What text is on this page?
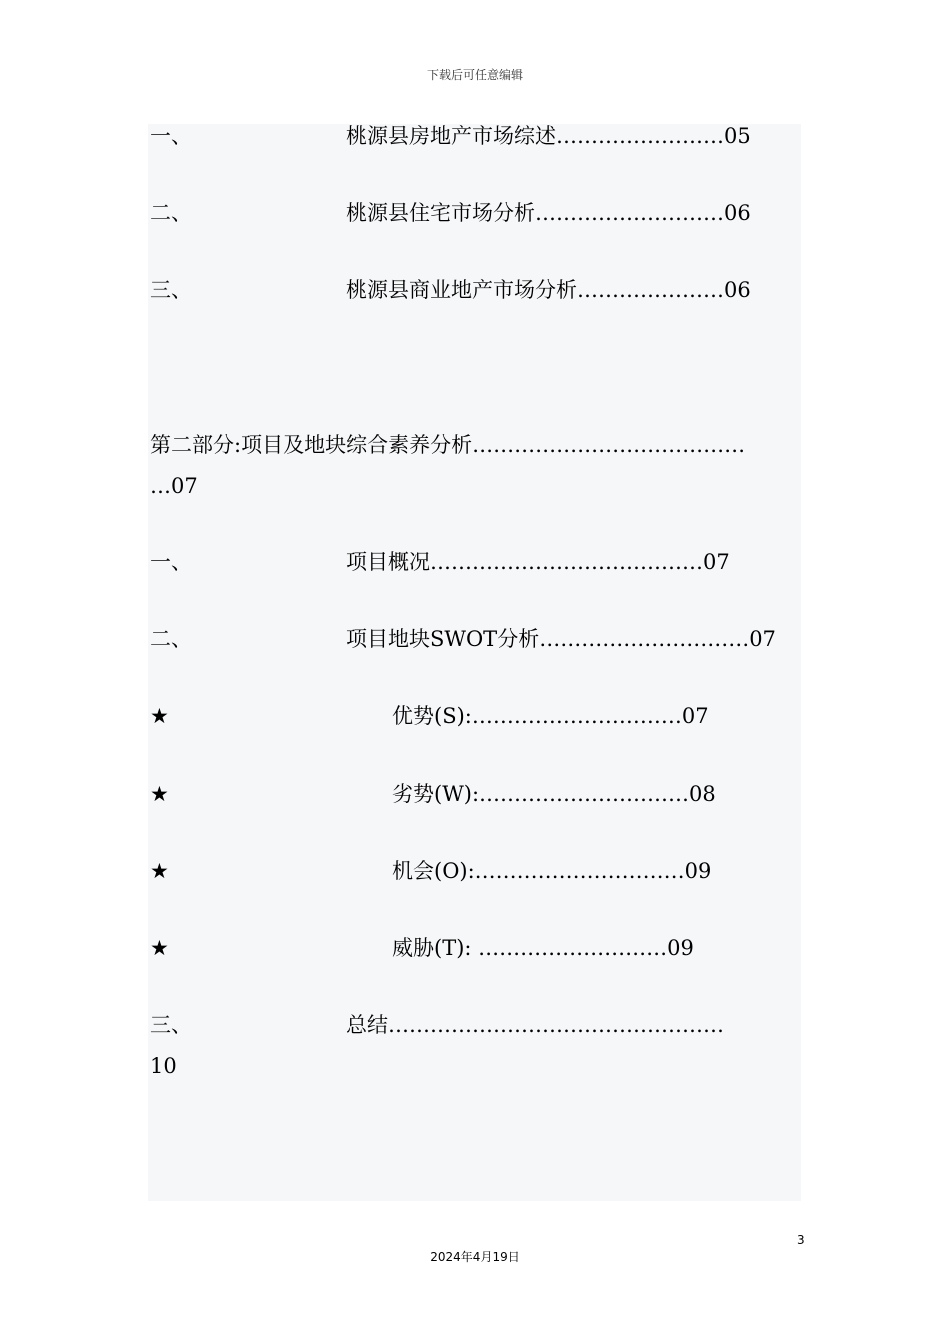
下载后可任意编辑
一、	桃源县房地产市场综述……………………05
二、	桃源县住宅市场分析………………………06
三、	桃源县商业地产市场分析…………………06
第二部分:项目及地块综合素养分析…………………………………
…07
一、	项目概况…………………………………07
二、	项目地块SWOT分析…………………………07
★	优势(S):…………………………07
★	劣势(W):…………………………08
★	机会(O):…………………………09
★	威胁(T): ………………………09
三、	总结…………………………………………
10
3
2024年4月19日
